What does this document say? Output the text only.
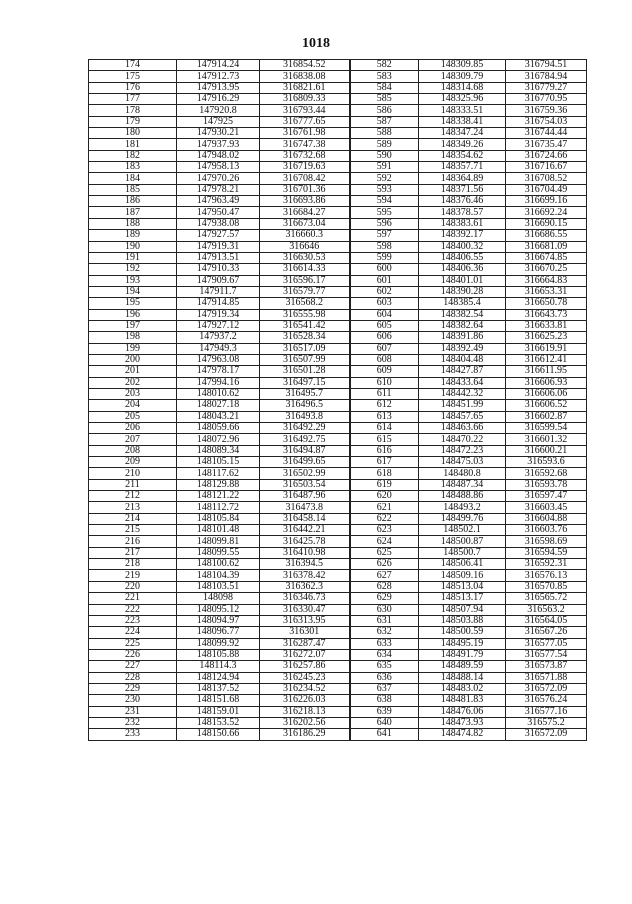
1018
174	147914.24	316854.52	582	148309.85	316794.51
175	147912.73	316838.08	583	148309.79	316784.94
176	147913.95	316821.61	584	148314.68	316779.27
177	147916.29	316809.33	585	148325.96	316770.95
178	147920.8	316793.44	586	148333.51	316759.36
179	147925	316777.65	587	148338.41	316754.03
180	147930.21	316761.98	588	148347.24	316744.44
181	147937.93	316747.38	589	148349.26	316735.47
182	147948.02	316732.68	590	148354.62	316724.66
183	147958.13	316719.63	591	148357.71	316716.67
184	147970.26	316708.42	592	148364.89	316708.52
185	147978.21	316701.36	593	148371.56	316704.49
186	147963.49	316693.86	594	148376.46	316699.16
187	147950.47	316684.27	595	148378.57	316692.24
188	147938.08	316673.04	596	148383.61	316690.15
189	147927.57	316660.3	597	148392.17	316686.55
190	147919.31	316646	598	148400.32	316681.09
191	147913.51	316630.53	599	148406.55	316674.85
192	147910.33	316614.33	600	148406.36	316670.25
193	147909.67	316596.17	601	148401.01	316664.83
194	147911.7	316579.77	602	148390.28	316653.31
195	147914.85	316568.2	603	148385.4	316650.78
196	147919.34	316555.98	604	148382.54	316643.73
197	147927.12	316541.42	605	148382.64	316633.81
198	147937.2	316528.34	606	148391.86	316625.23
199	147949.3	316517.09	607	148392.49	316619.91
200	147963.08	316507.99	608	148404.48	316612.41
201	147978.17	316501.28	609	148427.87	316611.95
202	147994.16	316497.15	610	148433.64	316606.93
203	148010.62	316495.7	611	148442.32	316606.06
204	148027.18	316496.5	612	148451.99	316606.52
205	148043.21	316493.8	613	148457.65	316602.87
206	148059.66	316492.29	614	148463.66	316599.54
207	148072.96	316492.75	615	148470.22	316601.32
208	148089.34	316494.87	616	148472.23	316600.21
209	148105.15	316499.65	617	148475.03	316593.6
210	148117.62	316502.99	618	148480.8	316592.68
211	148129.88	316503.54	619	148487.34	316593.78
212	148121.22	316487.96	620	148488.86	316597.47
213	148112.72	316473.8	621	148493.2	316603.45
214	148105.84	316458.14	622	148499.76	316604.88
215	148101.48	316442.21	623	148502.1	316603.76
216	148099.81	316425.78	624	148500.87	316598.69
217	148099.55	316410.98	625	148500.7	316594.59
218	148100.62	316394.5	626	148506.41	316592.31
219	148104.39	316378.42	627	148509.16	316576.13
220	148103.51	316362.3	628	148513.04	316570.85
221	148098	316346.73	629	148513.17	316565.72
222	148095.12	316330.47	630	148507.94	316563.2
223	148094.97	316313.95	631	148503.88	316564.05
224	148096.77	316301	632	148500.59	316567.26
225	148099.92	316287.47	633	148495.19	316577.05
226	148105.88	316272.07	634	148491.79	316577.54
227	148114.3	316257.86	635	148489.59	316573.87
228	148124.94	316245.23	636	148488.14	316571.88
229	148137.52	316234.52	637	148483.02	316572.09
230	148151.68	316226.03	638	148481.83	316576.24
231	148159.01	316218.13	639	148476.06	316577.16
232	148153.52	316202.56	640	148473.93	316575.2
233	148150.66	316186.29	641	148474.82	316572.09
